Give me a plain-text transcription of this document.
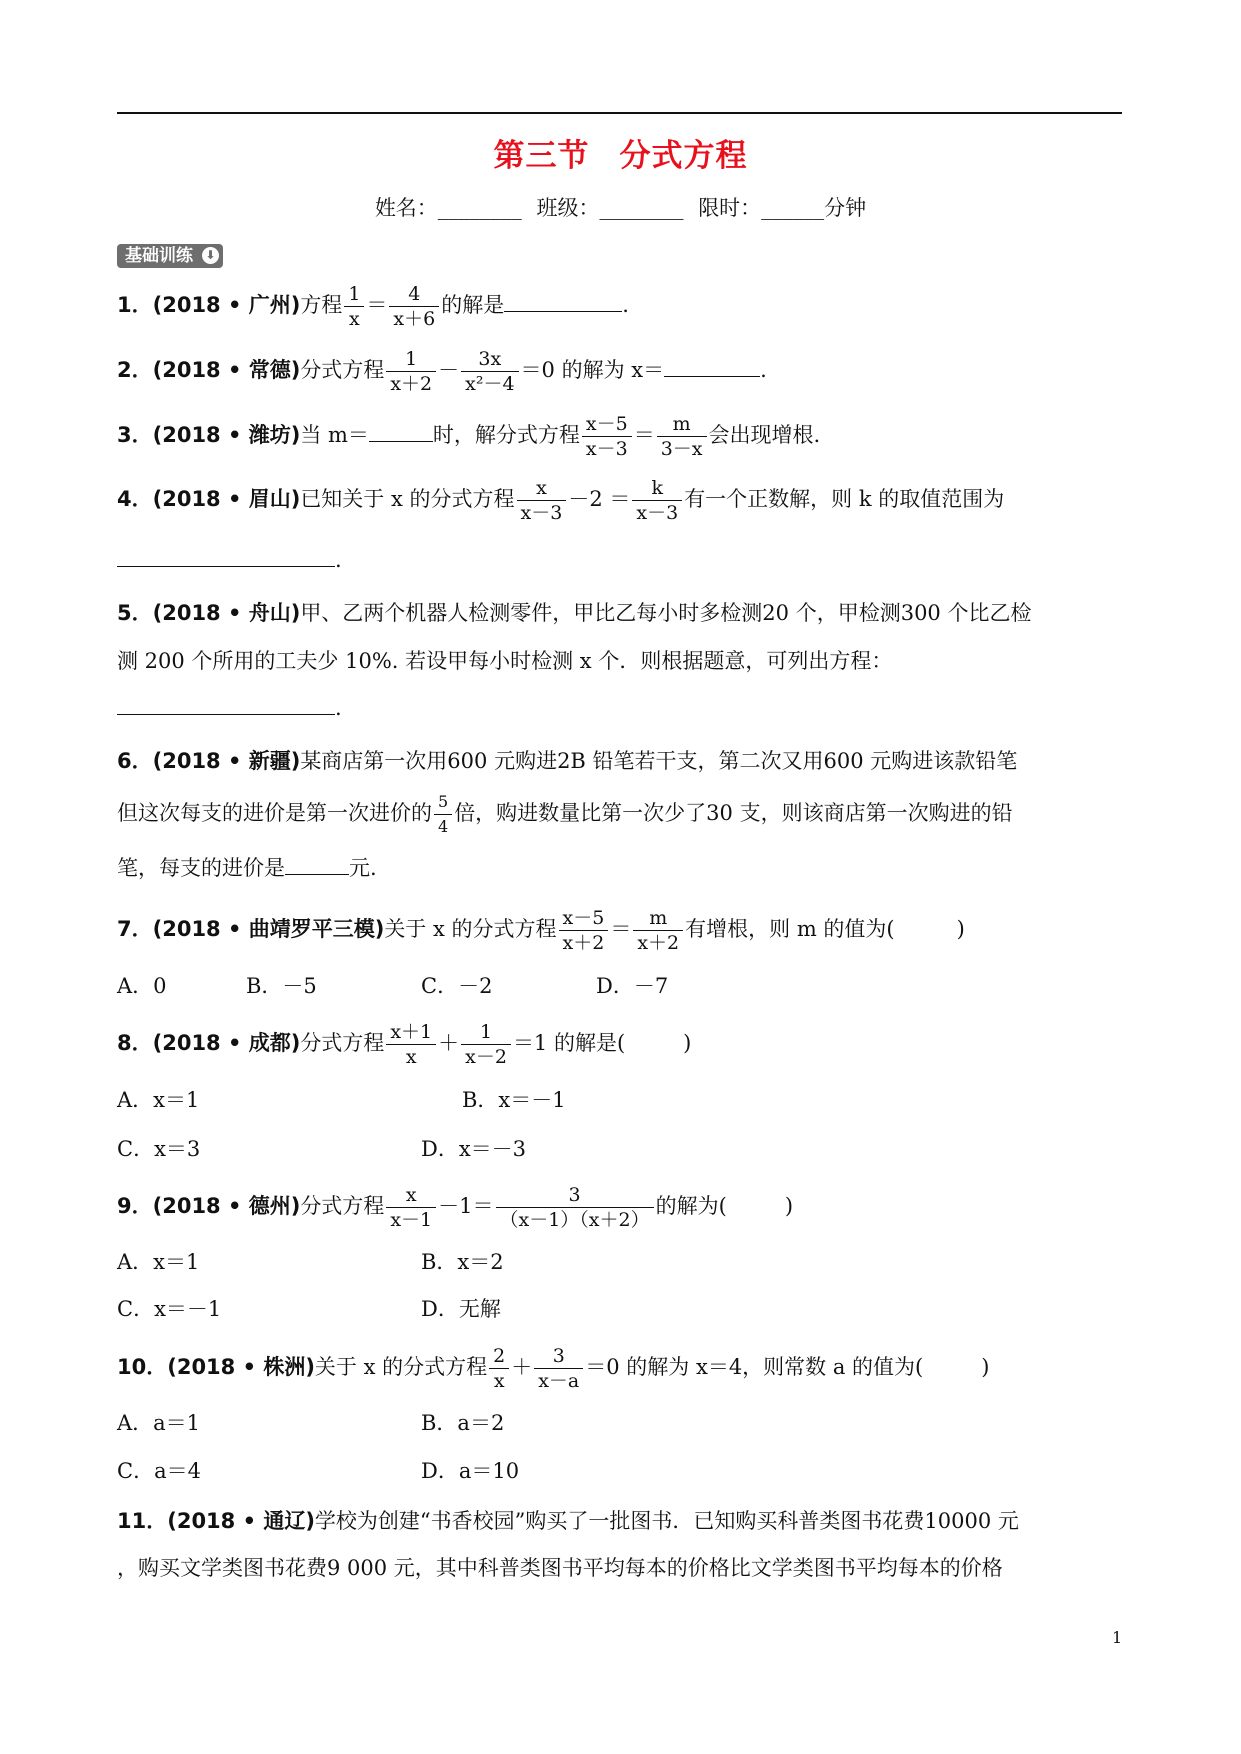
第三节 分式方程
姓名：________ 班级：________ 限时：______分钟
基础训练 ⬇
1．(2018 • 广州)方程 $\frac{1}{x} = \frac{4}{x+6}$ 的解是	.
2．(2018 • 常德)分式方程 $\frac{1}{x+2} - \frac{3x}{\text{x²－4}} =0$ 的解为 x＝	.
3．(2018 • 潍坊)当 m＝	时，解分式方程 $\frac{x-5}{x-3} = \frac{m}{3-x}$ 会出现增根.
4．(2018 • 眉山)已知关于 x 的分式方程 $\frac{x}{x-3} -2 = \frac{k}{x-3}$ 有一个正数解，则 k 的取值范围为
.
5．(2018 • 舟山)甲、乙两个机器人检测零件，甲比乙每小时多检测20 个，甲检测300 个比乙检
测 200 个所用的工夫少 10%. 若设甲每小时检测 x 个．则根据题意，可列出方程：
.
6．(2018 • 新疆)某商店第一次用600 元购进2B 铅笔若干支，第二次又用600 元购进该款铅笔
但这次每支的进价是第一次进价的 $\frac{5}{4}$ 倍，购进数量比第一次少了30 支，则该商店第一次购进的铅
笔，每支的进价是	元.
7．(2018 • 曲靖罗平三模)关于 x 的分式方程 $\frac{x-5}{x+2} = \frac{m}{x+2}$ 有增根，则 m 的值为(	)
A．0	B．－5	C．－2	D．－7
8．(2018 • 成都)分式方程 $\frac{x+1}{x} + \frac{1}{x-2} =1$ 的解是(	)
A．x＝1	B．x＝－1
C．x＝3	D．x＝－3
9．(2018 • 德州)分式方程 $\frac{x}{x-1} -1= \frac{3}{(x-1)(x+2)}$ 的解为(	)
A．x＝1	B．x＝2
C．x＝－1	D．无解
10．(2018 • 株洲)关于 x 的分式方程 $\frac{2}{x} + \frac{3}{x-a} =0$ 的解为 x＝4，则常数 a 的值为(	)
A．a＝1	B．a＝2
C．a＝4	D．a＝10
11．(2018 • 通辽)学校为创建“书香校园”购买了一批图书．已知购买科普类图书花费10000 元
，购买文学类图书花费9 000 元，其中科普类图书平均每本的价格比文学类图书平均每本的价格
1
